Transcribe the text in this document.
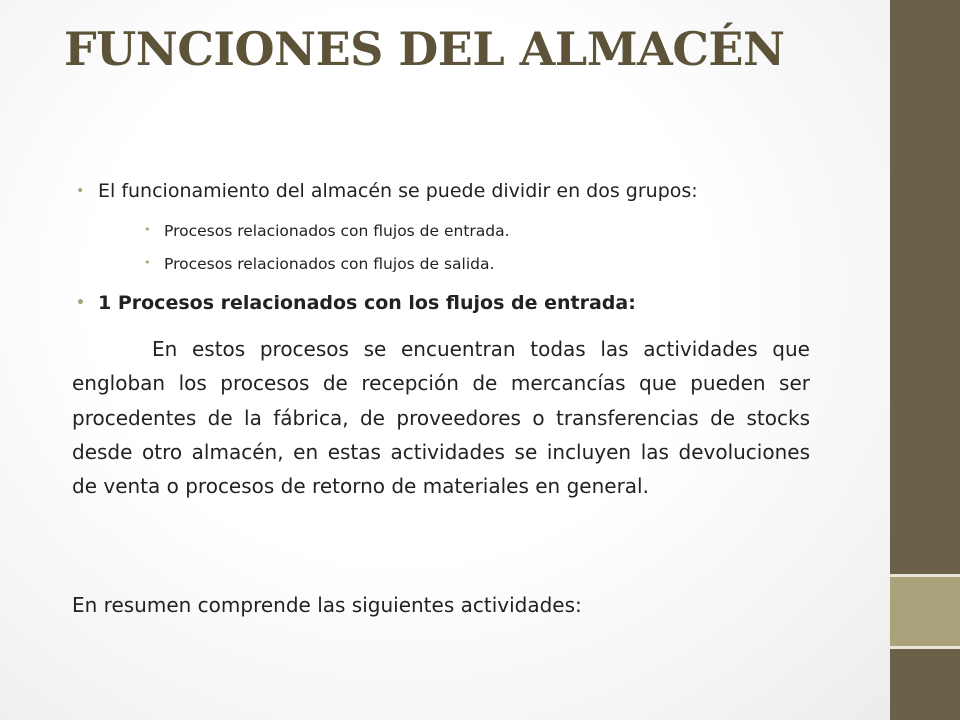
FUNCIONES DEL ALMACÉN
• El funcionamiento del almacén se puede dividir en dos grupos:
• Procesos relacionados con flujos de entrada.
• Procesos relacionados con flujos de salida.
• 1 Procesos relacionados con los flujos de entrada:

En estos procesos se encuentran todas las actividades que engloban los procesos de recepción de mercancías que pueden ser procedentes de la fábrica, de proveedores o transferencias de stocks desde otro almacén, en estas actividades se incluyen las devoluciones de venta o procesos de retorno de materiales en general.

En resumen comprende las siguientes actividades:
